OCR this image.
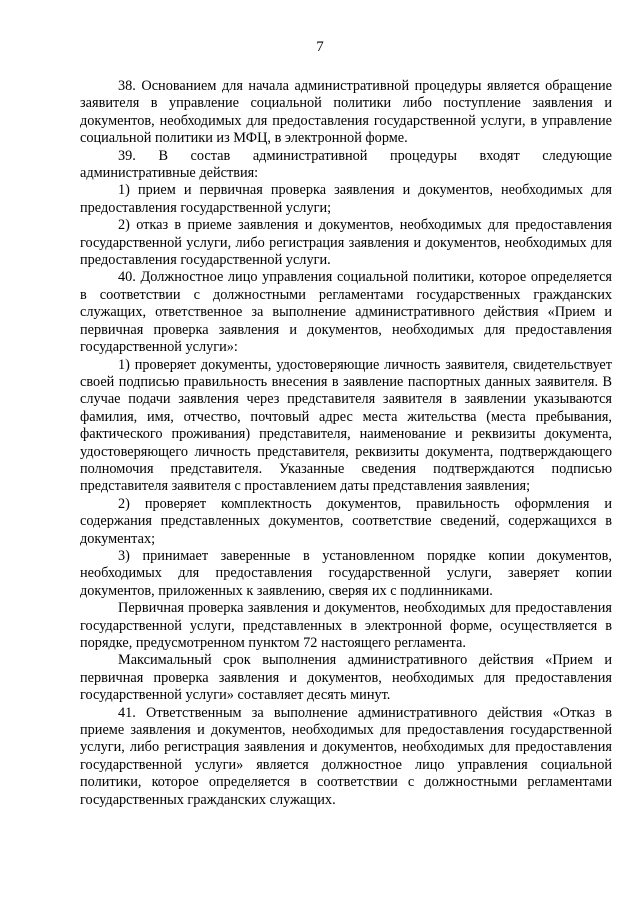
7

38. Основанием для начала административной процедуры является обращение заявителя в управление социальной политики либо поступление заявления и документов, необходимых для предоставления государственной услуги, в управление социальной политики из МФЦ, в электронной форме.

39. В состав административной процедуры входят следующие административные действия:

1) прием и первичная проверка заявления и документов, необходимых для предоставления государственной услуги;

2) отказ в приеме заявления и документов, необходимых для предоставления государственной услуги, либо регистрация заявления и документов, необходимых для предоставления государственной услуги.

40. Должностное лицо управления социальной политики, которое определяется в соответствии с должностными регламентами государственных гражданских служащих, ответственное за выполнение административного действия «Прием и первичная проверка заявления и документов, необходимых для предоставления государственной услуги»:

1) проверяет документы, удостоверяющие личность заявителя, свидетельствует своей подписью правильность внесения в заявление паспортных данных заявителя. В случае подачи заявления через представителя заявителя в заявлении указываются фамилия, имя, отчество, почтовый адрес места жительства (места пребывания, фактического проживания) представителя, наименование и реквизиты документа, удостоверяющего личность представителя, реквизиты документа, подтверждающего полномочия представителя. Указанные сведения подтверждаются подписью представителя заявителя с проставлением даты представления заявления;

2) проверяет комплектность документов, правильность оформления и содержания представленных документов, соответствие сведений, содержащихся в документах;

3) принимает заверенные в установленном порядке копии документов, необходимых для предоставления государственной услуги, заверяет копии документов, приложенных к заявлению, сверяя их с подлинниками.

Первичная проверка заявления и документов, необходимых для предоставления государственной услуги, представленных в электронной форме, осуществляется в порядке, предусмотренном пунктом 72 настоящего регламента.

Максимальный срок выполнения административного действия «Прием и первичная проверка заявления и документов, необходимых для предоставления государственной услуги» составляет десять минут.

41. Ответственным за выполнение административного действия «Отказ в приеме заявления и документов, необходимых для предоставления государственной услуги, либо регистрация заявления и документов, необходимых для предоставления государственной услуги» является должностное лицо управления социальной политики, которое определяется в соответствии с должностными регламентами государственных гражданских служащих.
